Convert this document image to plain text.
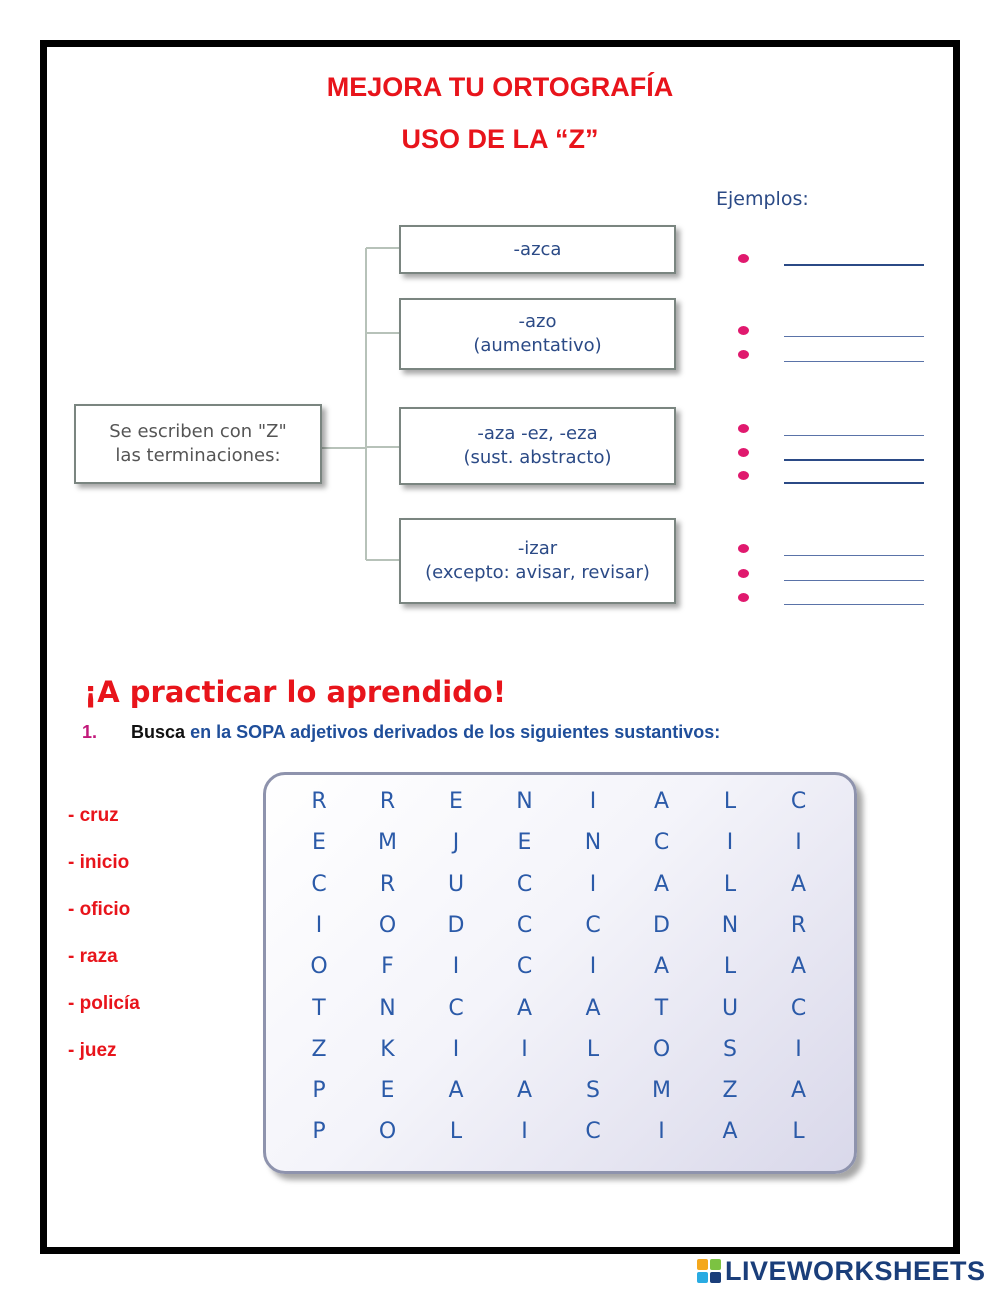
MEJORA TU ORTOGRAFÍA
USO DE LA “Z”
Se escriben con "Z"
las terminaciones:
-azca
-azo
(aumentativo)
-aza -ez, -eza
(sust. abstracto)
-izar
(excepto: avisar, revisar)
Ejemplos:
¡A practicar lo aprendido!
1. Busca en la SOPA adjetivos derivados de los siguientes sustantivos:
- cruz
- inicio
- oficio
- raza
- policía
- juez
R	R	E	N	I	A	L	C
E	M	J	E	N	C	I	I
C	R	U	C	I	A	L	A
I	O	D	C	C	D	N	R
O	F	I	C	I	A	L	A
T	N	C	A	A	T	U	C
Z	K	I	I	L	O	S	I
P	E	A	A	S	M	Z	A
P	O	L	I	C	I	A	L
LIVEWORKSHEETS
